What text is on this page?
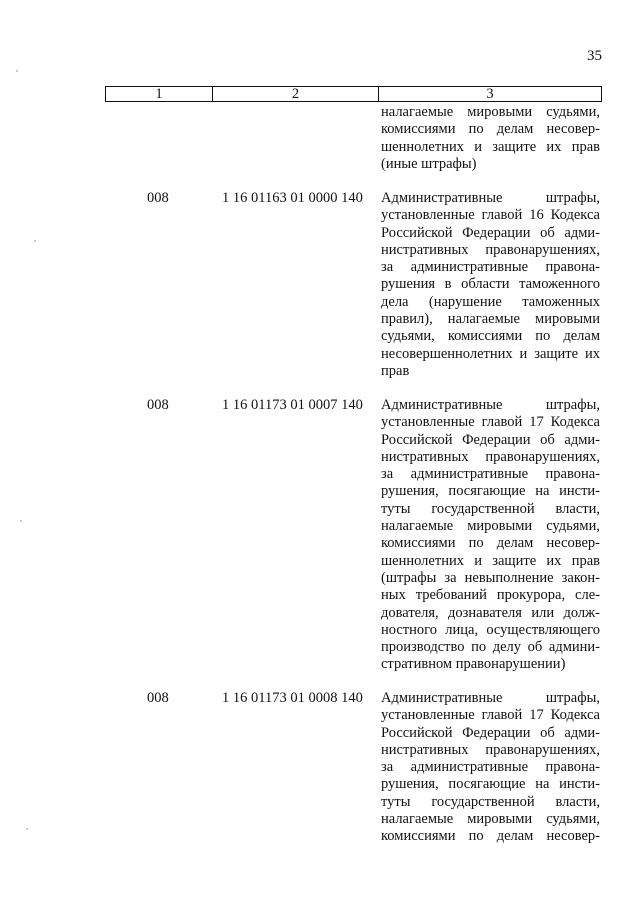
35
1	2	3
налагаемые мировыми судьями,
комиссиями по делам несовер-
шеннолетних и защите их прав
(иные штрафы)
008	1 16 01163 01 0000 140 Административные штрафы,
установленные главой 16 Кодекса
Российской Федерации об адми-
нистративных правонарушениях,
за административные правона-
рушения в области таможенного
дела (нарушение таможенных
правил), налагаемые мировыми
судьями, комиссиями по делам
несовершеннолетних и защите их
прав
008	1 16 01173 01 0007 140 Административные штрафы,
установленные главой 17 Кодекса
Российской Федерации об адми-
нистративных правонарушениях,
за административные правона-
рушения, посягающие на инсти-
туты государственной власти,
налагаемые мировыми судьями,
комиссиями по делам несовер-
шеннолетних и защите их прав
(штрафы за невыполнение закон-
ных требований прокурора, сле-
дователя, дознавателя или долж-
ностного лица, осуществляющего
производство по делу об админи-
стративном правонарушении)
008	1 16 01173 01 0008 140 Административные штрафы,
установленные главой 17 Кодекса
Российской Федерации об адми-
нистративных правонарушениях,
за административные правона-
рушения, посягающие на инсти-
туты государственной власти,
налагаемые мировыми судьями,
комиссиями по делам несовер-
